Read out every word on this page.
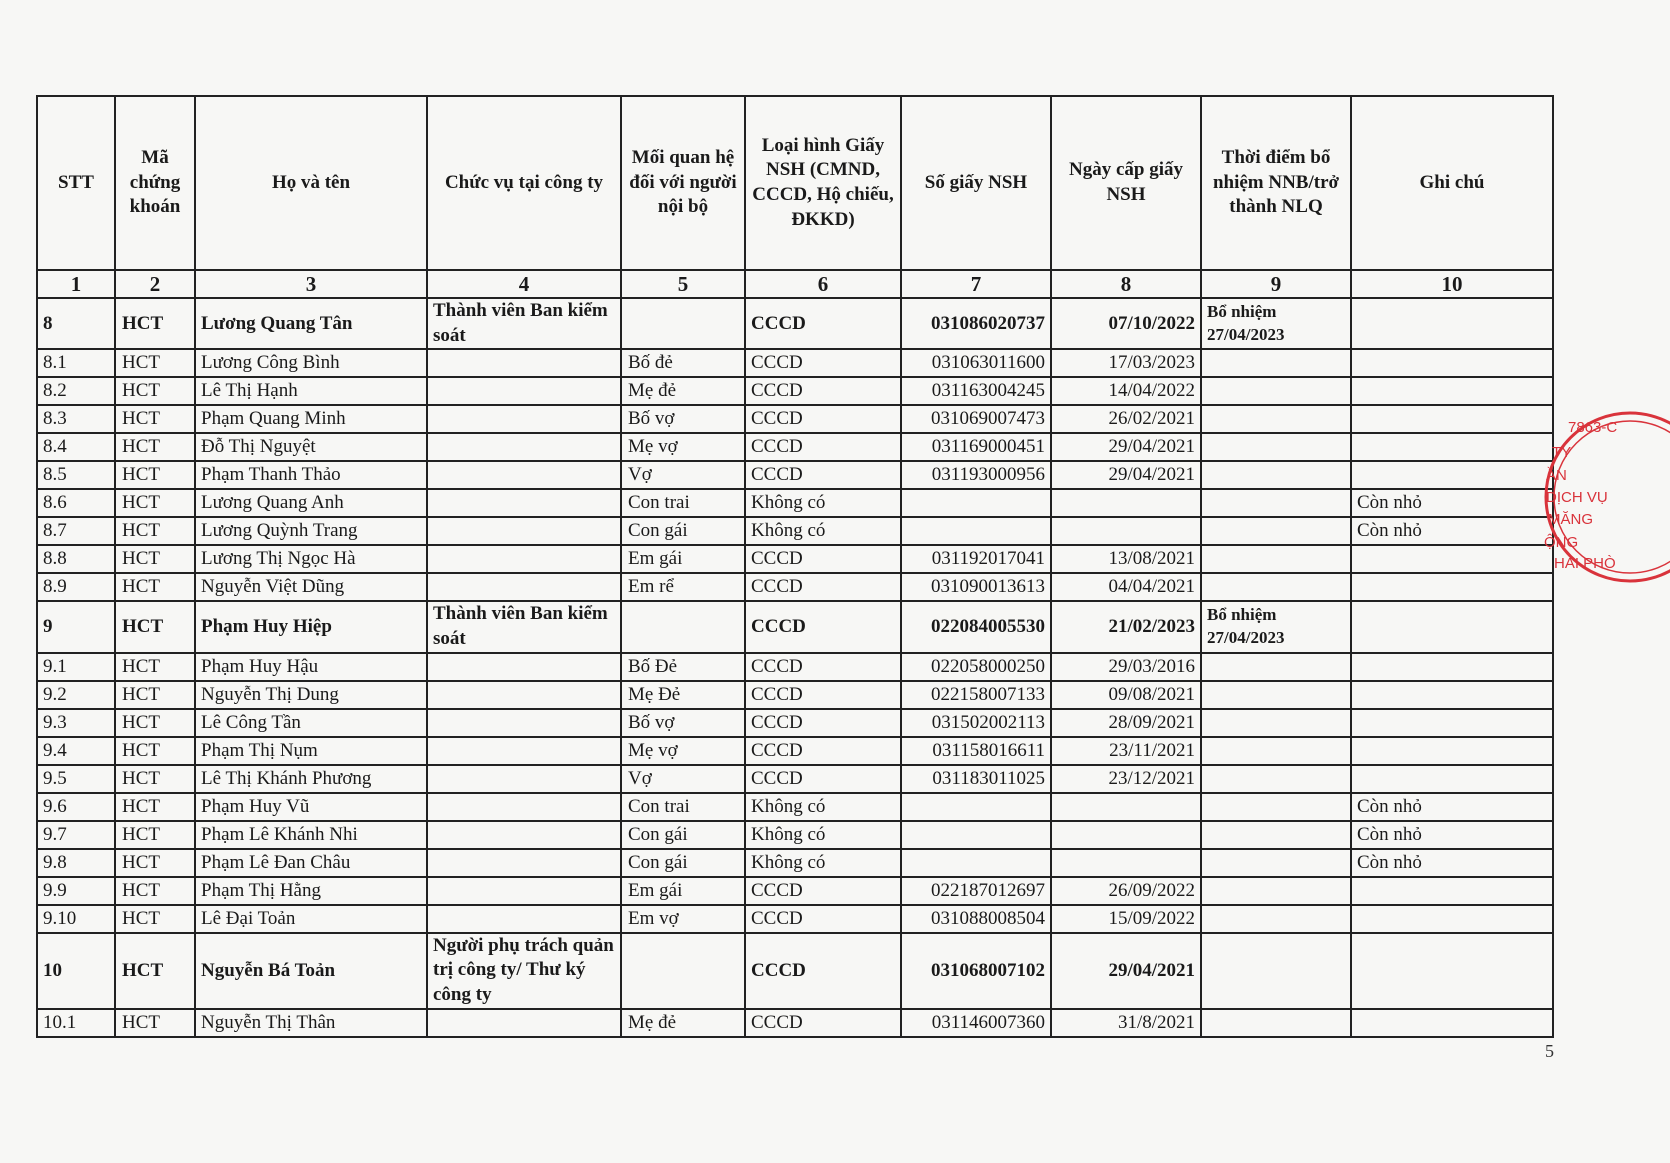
STT	Mã chứng khoán	Họ và tên	Chức vụ tại công ty	Mối quan hệ đối với người nội bộ	Loại hình Giấy NSH (CMND, CCCD, Hộ chiếu, ĐKKD)	Số giấy NSH	Ngày cấp giấy NSH	Thời điểm bổ nhiệm NNB/trở thành NLQ	Ghi chú
1	2	3	4	5	6	7	8	9	10
8	HCT	Lương Quang Tân	Thành viên Ban kiểm soát		CCCD	031086020737	07/10/2022	Bổ nhiệm 27/04/2023	
8.1	HCT	Lương Công Bình		Bố đẻ	CCCD	031063011600	17/03/2023		
8.2	HCT	Lê Thị Hạnh		Mẹ đẻ	CCCD	031163004245	14/04/2022		
8.3	HCT	Phạm Quang Minh		Bố vợ	CCCD	031069007473	26/02/2021		
8.4	HCT	Đỗ Thị Nguyệt		Mẹ vợ	CCCD	031169000451	29/04/2021		
8.5	HCT	Phạm Thanh Thảo		Vợ	CCCD	031193000956	29/04/2021		
8.6	HCT	Lương Quang Anh		Con trai	Không có				Còn nhỏ
8.7	HCT	Lương Quỳnh Trang		Con gái	Không có				Còn nhỏ
8.8	HCT	Lương Thị Ngọc Hà		Em gái	CCCD	031192017041	13/08/2021		
8.9	HCT	Nguyễn Việt Dũng		Em rể	CCCD	031090013613	04/04/2021		
9	HCT	Phạm Huy Hiệp	Thành viên Ban kiểm soát		CCCD	022084005530	21/02/2023	Bổ nhiệm 27/04/2023	
9.1	HCT	Phạm Huy Hậu		Bố Đẻ	CCCD	022058000250	29/03/2016		
9.2	HCT	Nguyễn Thị Dung		Mẹ Đẻ	CCCD	022158007133	09/08/2021		
9.3	HCT	Lê Công Tần		Bố vợ	CCCD	031502002113	28/09/2021		
9.4	HCT	Phạm Thị Nụm		Mẹ vợ	CCCD	031158016611	23/11/2021		
9.5	HCT	Lê Thị Khánh Phương		Vợ	CCCD	031183011025	23/12/2021		
9.6	HCT	Phạm Huy Vũ		Con trai	Không có				Còn nhỏ
9.7	HCT	Phạm Lê Khánh Nhi		Con gái	Không có				Còn nhỏ
9.8	HCT	Phạm Lê Đan Châu		Con gái	Không có				Còn nhỏ
9.9	HCT	Phạm Thị Hằng		Em gái	CCCD	022187012697	26/09/2022		
9.10	HCT	Lê Đại Toản		Em vợ	CCCD	031088008504	15/09/2022		
10	HCT	Nguyễn Bá Toản	Người phụ trách quản trị công ty/ Thư ký công ty		CCCD	031068007102	29/04/2021		
10.1	HCT	Nguyễn Thị Thân		Mẹ đẻ	CCCD	031146007360	31/8/2021		
7863-C TY ẦN DỊCH VỤ MĂNG ỘNG HẢI PHÒ
5
